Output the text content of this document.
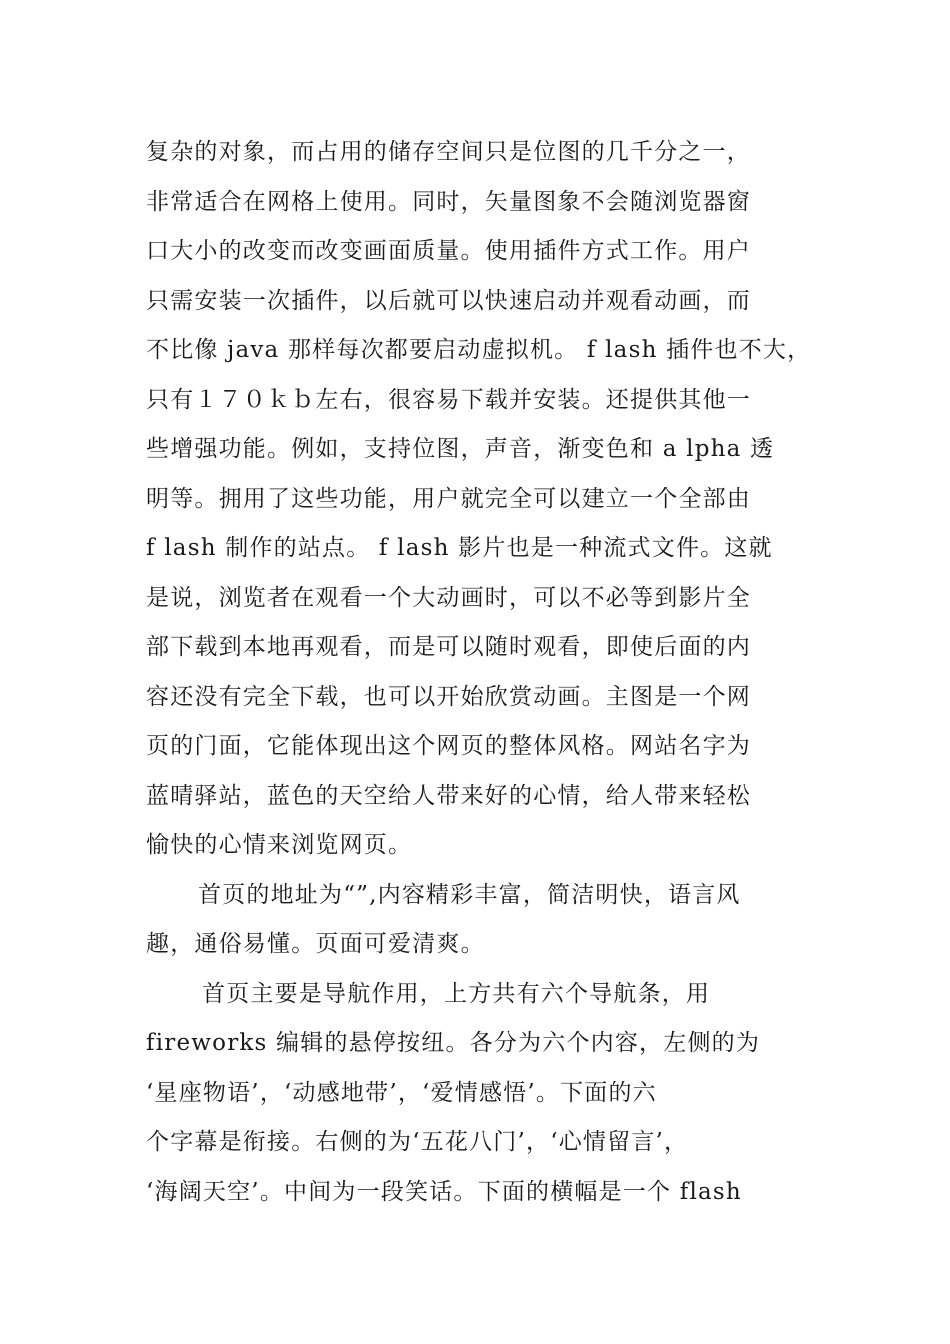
复杂的对象，而占用的储存空间只是位图的几千分之一，
非常适合在网格上使用。同时，矢量图象不会随浏览器窗
口大小的改变而改变画面质量。使用插件方式工作。用户
只需安装一次插件，以后就可以快速启动并观看动画，而
不比像 java 那样每次都要启动虚拟机。 f lash 插件也不大，
只有１７０ｋｂ左右，很容易下载并安装。还提供其他一
些增强功能。例如，支持位图，声音，渐变色和 a lpha 透
明等。拥用了这些功能，用户就完全可以建立一个全部由
f lash 制作的站点。 f lash 影片也是一种流式文件。这就
是说，浏览者在观看一个大动画时，可以不必等到影片全
部下载到本地再观看，而是可以随时观看，即使后面的内
容还没有完全下载，也可以开始欣赏动画。主图是一个网
页的门面，它能体现出这个网页的整体风格。网站名字为
蓝晴驿站，蓝色的天空给人带来好的心情，给人带来轻松
愉快的心情来浏览网页。
首页的地址为“”,内容精彩丰富，简洁明快，语言风
趣，通俗易懂。页面可爱清爽。
首页主要是导航作用，上方共有六个导航条，用
fireworks 编辑的悬停按纽。各分为六个内容，左侧的为
‘星座物语’，‘动感地带’，‘爱情感悟’。下面的六
个字幕是衔接。右侧的为‘五花八门’，‘心情留言’，
‘海阔天空’。中间为一段笑话。下面的横幅是一个 flash
